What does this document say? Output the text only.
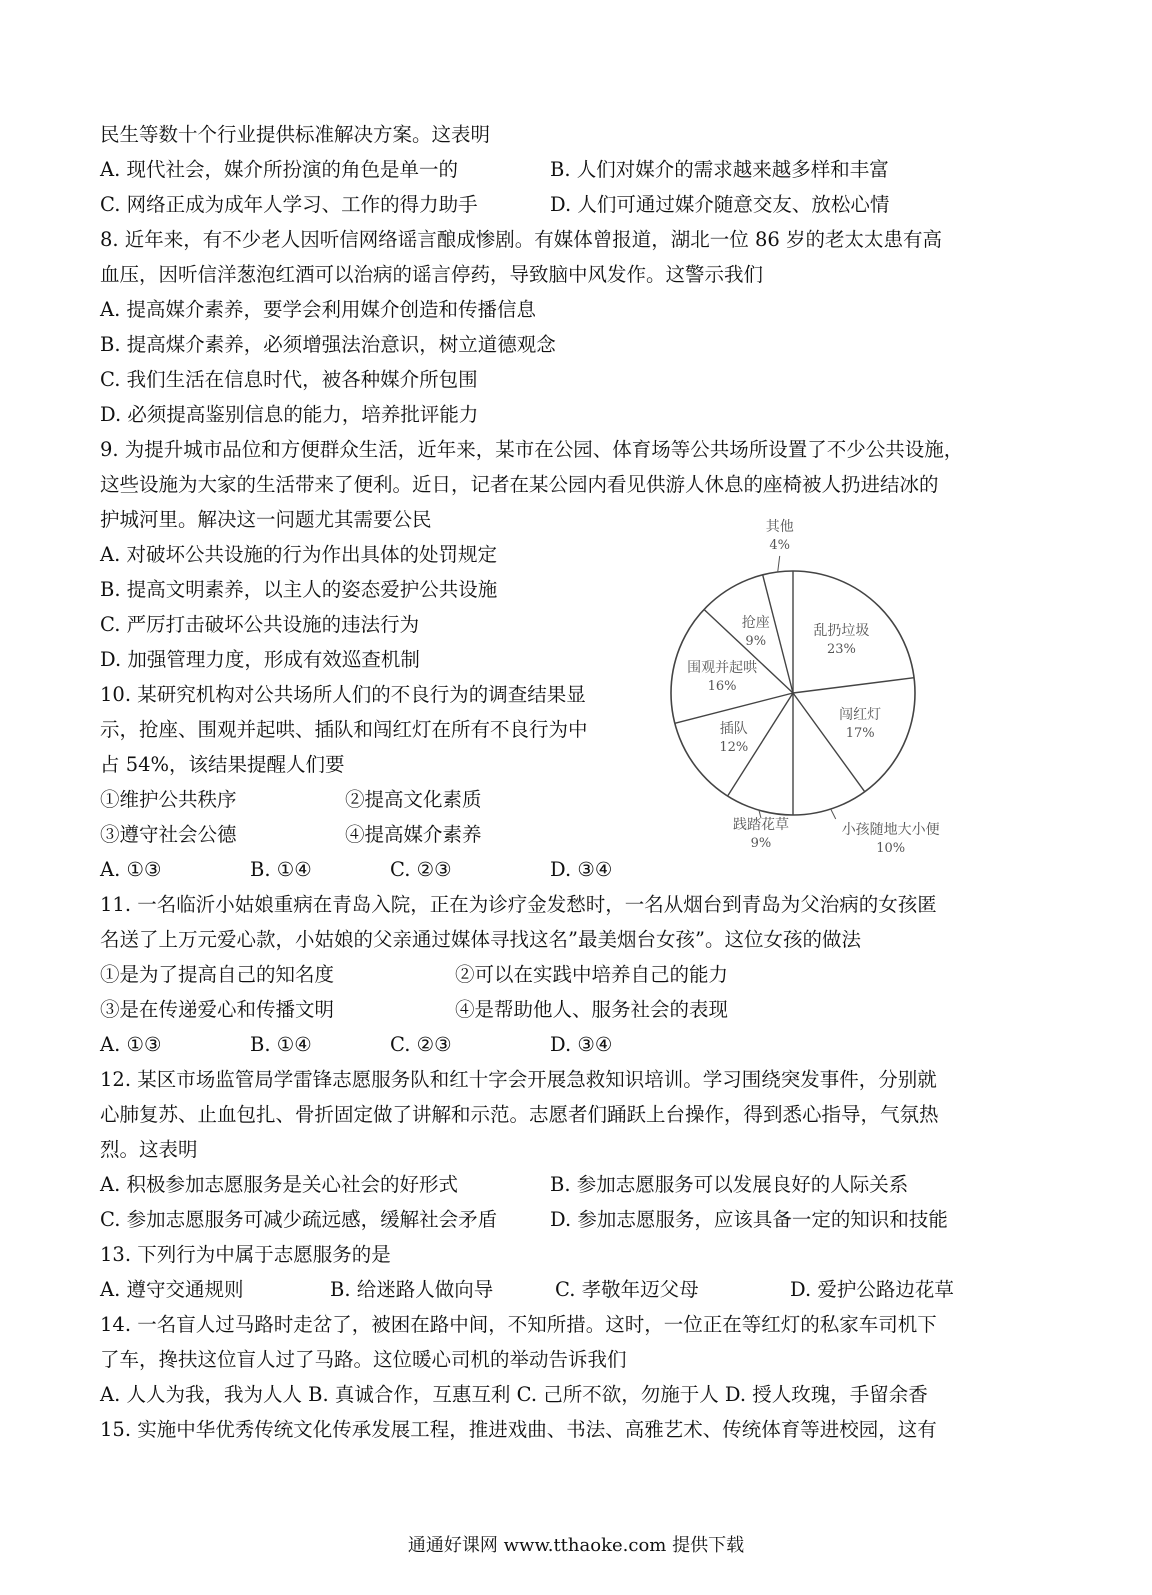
民生等数十个行业提供标准解决方案。这表明
A. 现代社会，媒介所扮演的角色是单一的	B. 人们对媒介的需求越来越多样和丰富
C. 网络正成为成年人学习、工作的得力助手	D. 人们可通过媒介随意交友、放松心情
8. 近年来，有不少老人因听信网络谣言酿成惨剧。有媒体曾报道，湖北一位 86 岁的老太太患有高
血压，因听信洋葱泡红酒可以治病的谣言停药，导致脑中风发作。这警示我们
A. 提高媒介素养，要学会利用媒介创造和传播信息
B. 提高煤介素养，必须增强法治意识，树立道德观念
C. 我们生活在信息时代，被各种媒介所包围
D. 必须提高鉴别信息的能力，培养批评能力
9. 为提升城市品位和方便群众生活，近年来，某市在公园、体育场等公共场所设置了不少公共设施，
这些设施为大家的生活带来了便利。近日，记者在某公园内看见供游人休息的座椅被人扔进结冰的
护城河里。解决这一问题尤其需要公民
A. 对破坏公共设施的行为作出具体的处罚规定
B. 提高文明素养，以主人的姿态爱护公共设施
C. 严厉打击破坏公共设施的违法行为
D. 加强管理力度，形成有效巡查机制
10. 某研究机构对公共场所人们的不良行为的调查结果显
示，抢座、围观并起哄、插队和闯红灯在所有不良行为中
占 54%，该结果提醒人们要
①维护公共秩序	②提高文化素质
③遵守社会公德	④提高媒介素养
A. ①③	B. ①④	C. ②③	D. ③④
乱扔垃圾
23%
闯红灯
17%
小孩随地大小便
10%
践踏花草
9%
插队
12%
围观并起哄
16%
抢座
9%
其他
4%
11. 一名临沂小姑娘重病在青岛入院，正在为诊疗金发愁时，一名从烟台到青岛为父治病的女孩匿
名送了上万元爱心款，小姑娘的父亲通过媒体寻找这名”最美烟台女孩”。这位女孩的做法
①是为了提高自己的知名度	②可以在实践中培养自己的能力
③是在传递爱心和传播文明	④是帮助他人、服务社会的表现
A. ①③	B. ①④	C. ②③	D. ③④
12. 某区市场监管局学雷锋志愿服务队和红十字会开展急救知识培训。学习围绕突发事件，分别就
心肺复苏、止血包扎、骨折固定做了讲解和示范。志愿者们踊跃上台操作，得到悉心指导，气氛热
烈。这表明
A. 积极参加志愿服务是关心社会的好形式	B. 参加志愿服务可以发展良好的人际关系
C. 参加志愿服务可减少疏远感，缓解社会矛盾	D. 参加志愿服务，应该具备一定的知识和技能
13. 下列行为中属于志愿服务的是
A. 遵守交通规则	B. 给迷路人做向导	C. 孝敬年迈父母	D. 爱护公路边花草
14. 一名盲人过马路时走岔了，被困在路中间，不知所措。这时，一位正在等红灯的私家车司机下
了车，搀扶这位盲人过了马路。这位暖心司机的举动告诉我们
A. 人人为我，我为人人 B. 真诚合作，互惠互利 C. 己所不欲，勿施于人 D. 授人玫瑰，手留余香
15. 实施中华优秀传统文化传承发展工程，推进戏曲、书法、高雅艺术、传统体育等进校园，这有
通通好课网 www.tthaoke.com 提供下载
